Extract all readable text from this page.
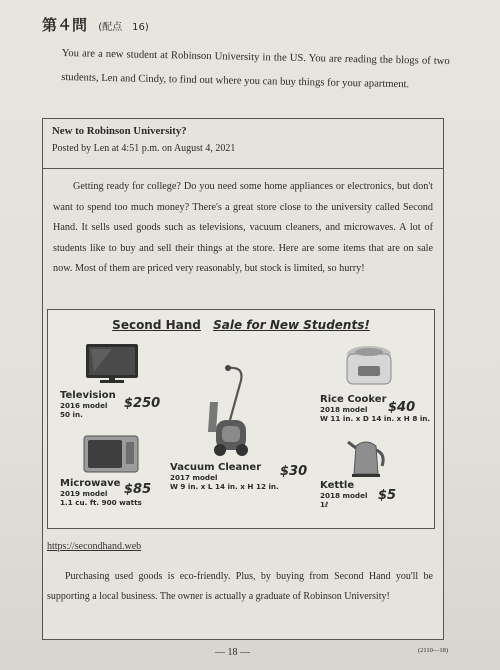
第４問 (配点　16)
You are a new student at Robinson University in the US. You are reading the blogs of two students, Len and Cindy, to find out where you can buy things for your apartment.
New to Robinson University?
Posted by Len at 4:51 p.m. on August 4, 2021
Getting ready for college? Do you need some home appliances or electronics, but don't want to spend too much money? There's a great store close to the university called Second Hand. It sells used goods such as televisions, vacuum cleaners, and microwaves. A lot of students like to buy and sell their things at the store. Here are some items that are on sale now. Most of them are priced very reasonably, but stock is limited, so hurry!
Second Hand Sale for New Students!
Television
2016 model
50 in.
$250	Rice Cooker
2018 model
W 11 in. x D 14 in. x H 8 in.
$40
Microwave
2019 model
1.1 cu. ft. 900 watts
$85
Vacuum Cleaner
2017 model
W 9 in. x L 14 in. x H 12 in.
$30
Kettle
2018 model
1ℓ
$5
https://secondhand.web
Purchasing used goods is eco-friendly. Plus, by buying from Second Hand you'll be supporting a local business. The owner is actually a graduate of Robinson University!
— 18 —	(2110—18)
